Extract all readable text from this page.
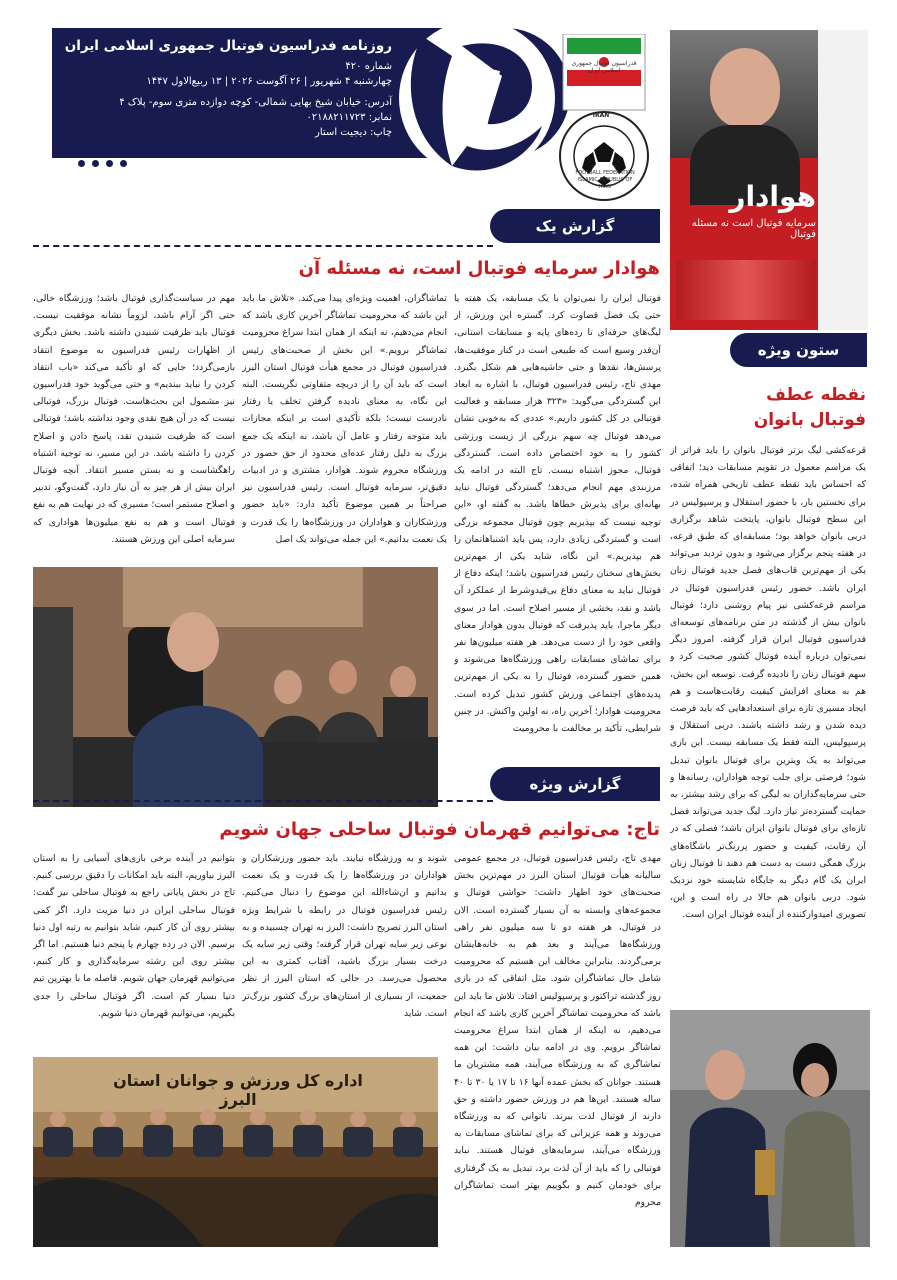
فدراسیون فوتبال جمهوری اسلامی ایران
FOOTBALL FEDERATION ISLAMIC REPUBLIC OF IRAN
IRAN
روزنامه فدراسیون فوتبال جمهوری اسلامی ایران
شماره ۴۲۰
چهارشنبه ۴ شهریور | ۲۶ آگوست ۲۰۲۶ | ۱۳ ربیع‌الاول ۱۴۴۷
آدرس: خیابان شیخ بهایی شمالی- کوچه دوازده متری سوم- پلاک ۴
نمابر: ۰۲۱۸۸۲۱۱۷۲۳
چاپ: دیجیت استار
هوادار
سرمایه فوتبال است نه مسئله فوتبال
گزارش یک
هوادار سرمایه فوتبال است، نه مسئله آن
فوتبال ایران را نمی‌توان با یک مسابقه، یک هفته یا حتی یک فصل قضاوت کرد. گستره این ورزش، از لیگ‌های حرفه‌ای تا رده‌های پایه و مسابقات استانی، آن‌قدر وسیع است که طبیعی است در کنار موفقیت‌ها، پرسش‌ها، نقدها و حتی حاشیه‌هایی هم شکل بگیرد. مهدی تاج، رئیس فدراسیون فوتبال، با اشاره به ابعاد این گستردگی می‌گوید: «۳۲۳ هزار مسابقه و فعالیت فوتبالی در کل کشور داریم.» عددی که به‌خوبی نشان می‌دهد فوتبال چه سهم بزرگی از زیست ورزشی کشور را به خود اختصاص داده است. گستردگی فوتبال، مجوز اشتباه نیست. تاج البته در ادامه یک مرزبندی مهم انجام می‌دهد؛ گستردگی فوتبال نباید بهانه‌ای برای پذیرش خطاها باشد. به گفته او، «این توجیه نیست که بپذیریم چون فوتبال مجموعه بزرگی است و گستردگی زیادی دارد، پس باید اشتباهاتمان را هم بپذیریم.» این نگاه، شاید یکی از مهم‌ترین بخش‌های سخنان رئیس فدراسیون باشد؛ اینکه دفاع از فوتبال نباید به معنای دفاع بی‌قیدوشرط از عملکرد آن باشد و نقد، بخشی از مسیر اصلاح است. اما در سوی دیگر ماجرا، باید پذیرفت که فوتبال بدون هوادار معنای واقعی خود را از دست می‌دهد. هر هفته میلیون‌ها نفر برای تماشای مسابقات راهی ورزشگاه‌ها می‌شوند و همین حضور گسترده، فوتبال را به یکی از مهم‌ترین پدیده‌های اجتماعی ورزش کشور تبدیل کرده است. محرومیت هوادار؛ آخرین راه، نه اولین واکنش. در چنین شرایطی، تأکید بر مخالفت با محرومیت
تماشاگران، اهمیت ویژه‌ای پیدا می‌کند. «تلاش ما باید این باشد که محرومیت تماشاگر آخرین کاری باشد که انجام می‌دهیم، نه اینکه از همان ابتدا سراغ محرومیت تماشاگر برویم.» این بخش از صحبت‌های رئیس فدراسیون فوتبال در مجمع هیأت فوتبال استان البرز است که باید آن را از دریچه متفاوتی نگریست. البته این نگاه، به معنای نادیده گرفتن تخلف یا رفتار نادرست نیست؛ بلکه تأکیدی است بر اینکه مجازات باید متوجه رفتار و عامل آن باشد، نه اینکه یک جمع بزرگ به دلیل رفتار عده‌ای محدود از حق حضور در ورزشگاه محروم شوند. هوادار، مشتری و در ادبیات دقیق‌تر، سرمایه فوتبال است. رئیس فدراسیون نیز صراحتاً بر همین موضوع تأکید دارد: «باید حضور ورزشکاران و هواداران در ورزشگاه‌ها را یک قدرت و یک نعمت بدانیم.» این جمله می‌تواند یک اصل
مهم در سیاست‌گذاری فوتبال باشد؛ ورزشگاه خالی، حتی اگر آرام باشد، لزوماً نشانه موفقیت نیست. فوتبال باید ظرفیت شنیدن داشته باشد. بخش دیگری از اظهارات رئیس فدراسیون به موضوع انتقاد بازمی‌گردد؛ جایی که او تأکید می‌کند «باب انتقاد کردن را نباید ببندیم» و حتی می‌گوید خود فدراسیون نیز مشمول این بحث‌هاست. فوتبال بزرگ، فوتبالی نیست که در آن هیچ نقدی وجود نداشته باشد؛ فوتبالی است که ظرفیت شنیدن نقد، پاسخ دادن و اصلاح کردن را داشته باشد. در این مسیر، نه توجیه اشتباه راهگشاست و نه بستن مسیر انتقاد. آنچه فوتبال ایران بیش از هر چیز به آن نیاز دارد، گفت‌وگو، تدبیر و اصلاح مستمر است؛ مسیری که در نهایت هم به نفع فوتبال است و هم به نفع میلیون‌ها هواداری که سرمایه اصلی این ورزش هستند.
ستون ویژه
نقطه عطف
فوتبال بانوان
قرعه‌کشی لیگ برتر فوتبال بانوان را باید فراتر از یک مراسم معمول در تقویم مسابقات دید؛ اتفاقی که احساس باید نقطه عطف تاریخی همراه شده، برای نخستین بار، با حضور استقلال و پرسپولیس در این سطح فوتبال بانوان، پایتخت شاهد برگزاری دربی بانوان خواهد بود؛ مسابقه‌ای که طبق قرعه، در هفته پنجم برگزار می‌شود و بدون تردید می‌تواند یکی از مهم‌ترین قاب‌های فصل جدید فوتبال زنان ایران باشد. حضور رئیس فدراسیون فوتبال در مراسم قرعه‌کشی نیز پیام روشنی دارد؛ فوتبال بانوان بیش از گذشته در متن برنامه‌های توسعه‌ای فدراسیون فوتبال ایران قرار گرفته. امروز دیگر نمی‌توان درباره آینده فوتبال کشور صحبت کرد و سهم فوتبال زنان را نادیده گرفت. توسعه این بخش، هم به معنای افزایش کیفیت رقابت‌هاست و هم ایجاد مسیری تازه برای استعدادهایی که باید فرصت دیده شدن و رشد داشته باشند. دربی استقلال و پرسپولیس، البته فقط یک مسابقه نیست. این بازی می‌تواند به یک ویترین برای فوتبال بانوان تبدیل شود؛ فرصتی برای جلب توجه هواداران، رسانه‌ها و حتی سرمایه‌گذاران به لیگی که برای رشد بیشتر، به حمایت گسترده‌تر نیاز دارد. لیگ جدید می‌تواند فصل تازه‌ای برای فوتبال بانوان ایران باشد؛ فصلی که در آن رقابت، کیفیت و حضور پررنگ‌تر باشگاه‌های بزرگ همگی دست به دست هم دهند تا فوتبال زنان ایران یک گام دیگر به جایگاه شایسته خود نزدیک شود. دربی بانوان هم حالا در راه است و این، تصویری امیدوارکننده از آینده فوتبال ایران است.
گزارش ویژه
تاج: می‌توانیم قهرمان فوتبال ساحلی جهان شویم
مهدی تاج، رئیس فدراسیون فوتبال، در مجمع عمومی سالیانه هیأت فوتبال استان البرز در مهم‌ترین بخش صحبت‌های خود اظهار داشت: حواشی فوتبال و مجموعه‌های وابسته به آن بسیار گسترده است. الان در فوتبال، هر هفته دو تا سه میلیون نفر راهی ورزشگاه‌ها می‌آیند و بعد هم به خانه‌هایشان برمی‌گردند. بنابراین مخالف این هستیم که محرومیت شامل حال تماشاگران شود. مثل اتفاقی که در بازی روز گذشته تراکتور و پرسپولیس افتاد. تلاش ما باید این باشد که محرومیت تماشاگر آخرین کاری باشد که انجام می‌دهیم، نه اینکه از همان ابتدا سراغ محرومیت تماشاگر برویم. وی در ادامه بیان داشت: این همه تماشاگری که به ورزشگاه می‌آیند، همه مشتریان ما هستند. جوانان که بخش عمده آنها ۱۶ تا ۱۷ یا ۳۰ تا ۴۰ ساله هستند. این‌ها هم در ورزش حضور داشته و حق دارند از فوتبال لذت ببرند. بانوانی که به ورزشگاه می‌روند و همه عزیزانی که برای تماشای مسابقات به ورزشگاه می‌آیند، سرمایه‌های فوتبال هستند. نباید فوتبالی را که باید از آن لذت برد، تبدیل به یک گرفتاری برای خودمان کنیم و بگوییم بهتر است تماشاگران محروم
شوند و به ورزشگاه نیایند. باید حضور ورزشکاران و هواداران در ورزشگاه‌ها را یک قدرت و یک نعمت بدانیم و ان‌شاءالله این موضوع را دنبال می‌کنیم. رئیس فدراسیون فوتبال در رابطه با شرایط ویژه استان البرز تصریح داشت: البرز به تهران چسبیده و به نوعی زیر سایه تهران قرار گرفته؛ وقتی زیر سایه یک درخت بسیار بزرگ باشید، آفتاب کمتری به این محصول می‌رسد. در حالی که استان البرز از نظر جمعیت، از بسیاری از استان‌های بزرگ کشور بزرگ‌تر است. شاید
بتوانیم در آینده برخی بازی‌های آسیایی را به استان البرز بیاوریم، البته باید امکانات را دقیق بررسی کنیم. تاج در بخش پایانی راجع به فوتبال ساحلی نیز گفت: فوتبال ساحلی ایران در دنیا مزیت دارد. اگر کمی بیشتر روی آن کار کنیم، شاید بتوانیم به رتبه اول دنیا برسیم. الان در رده چهارم یا پنجم دنیا هستیم. اما اگر بیشتر روی این رشته سرمایه‌گذاری و کار کنیم، می‌توانیم قهرمان جهان شویم. فاصله ما با بهترین تیم دنیا بسیار کم است. اگر فوتبال ساحلی را جدی بگیریم، می‌توانیم قهرمان دنیا شویم.
اداره کل ورزش و جوانان استان البرز
